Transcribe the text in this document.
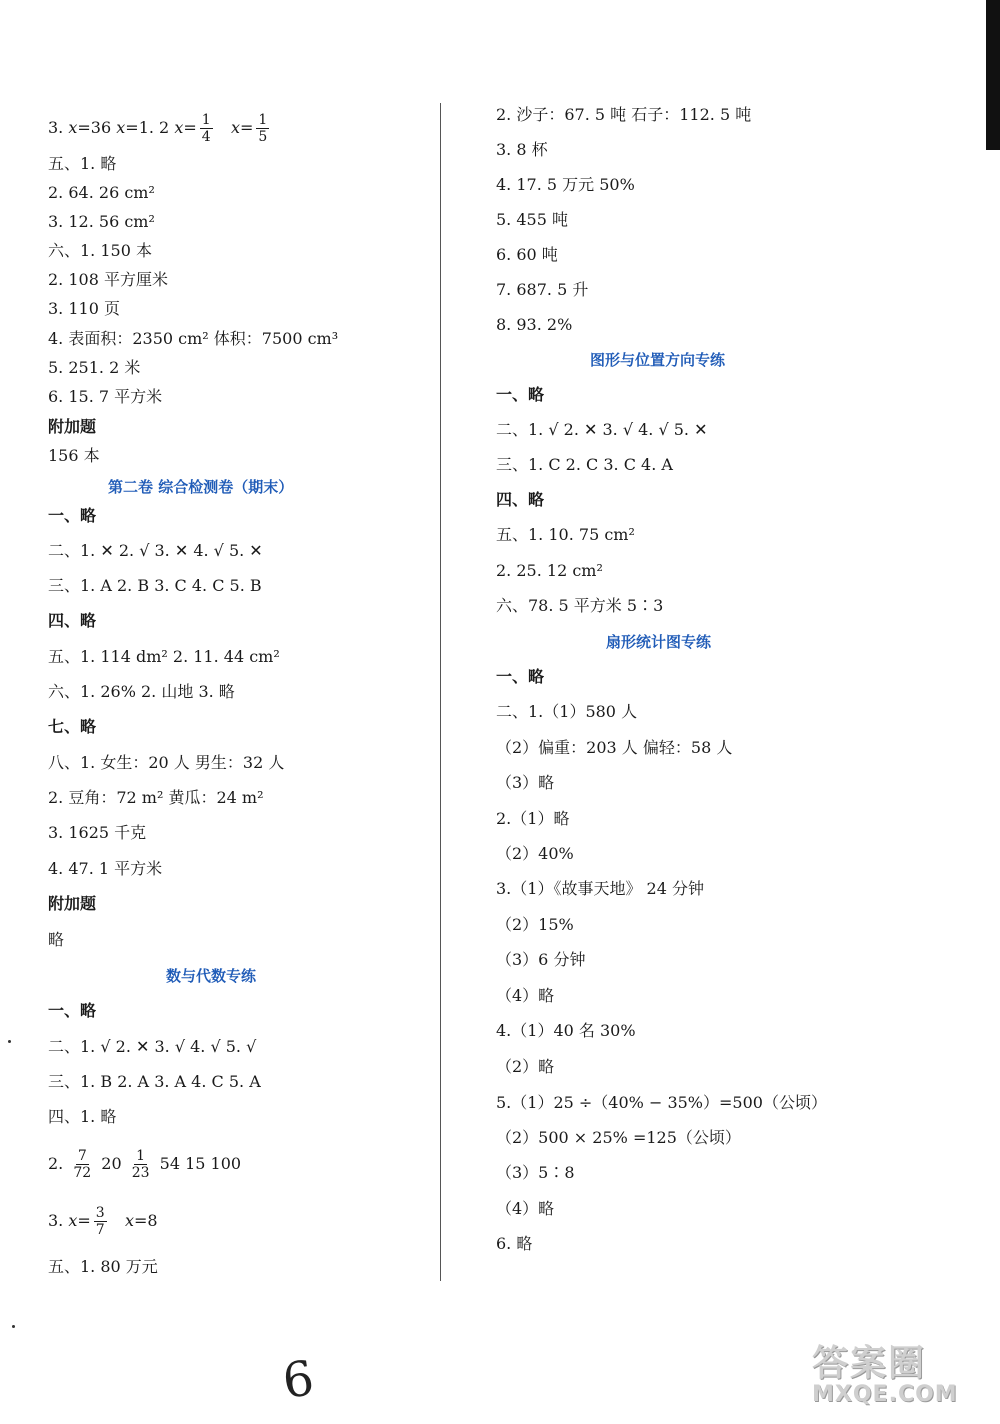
3. x=36 x=1. 2 $x= \frac{1}{4} x= \frac{1}{5}$
五、1. 略
2. 64. 26 cm²
3. 12. 56 cm²
六、1. 150 本
2. 108 平方厘米
3. 110 页
4. 表面积：2350 cm² 体积：7500 cm³
5. 251. 2 米
6. 15. 7 平方米
附加题
156 本
第二卷 综合检测卷（期末）
一、略
二、1. ✕ 2. √ 3. ✕ 4. √ 5. ✕
三、1. A 2. B 3. C 4. C 5. B
四、略
五、1. 114 dm² 2. 11. 44 cm²
六、1. 26% 2. 山地 3. 略
七、略
八、1. 女生：20 人 男生：32 人
2. 豆角：72 m² 黄瓜：24 m²
3. 1625 千克
4. 47. 1 平方米
附加题
略
数与代数专练
一、略
二、1. √ 2. ✕ 3. √ 4. √ 5. √
三、1. B 2. A 3. A 4. C 5. A
四、1. 略
2. $\frac{7}{72} 20 \frac{1}{23} 54$ 15 100
3. $x= \frac{3}{7} x=8$
五、1. 80 万元
2. 沙子：67. 5 吨 石子：112. 5 吨
3. 8 杯
4. 17. 5 万元 50%
5. 455 吨
6. 60 吨
7. 687. 5 升
8. 93. 2%
图形与位置方向专练
一、略
二、1. √ 2. ✕ 3. √ 4. √ 5. ✕
三、1. C 2. C 3. C 4. A
四、略
五、1. 10. 75 cm²
2. 25. 12 cm²
六、78. 5 平方米 5∶3
扇形统计图专练
一、略
二、1.（1）580 人
（2）偏重：203 人 偏轻：58 人
（3）略
2.（1）略
（2）40%
3.（1）《故事天地》 24 分钟
（2）15%
（3）6 分钟
（4）略
4.（1）40 名 30%
（2）略
5.（1）25 ÷（40% − 35%）=500（公顷）
（2）500 × 25% =125（公顷）
（3）5∶8
（4）略
6. 略
6	答案圈
MXQE.COM
